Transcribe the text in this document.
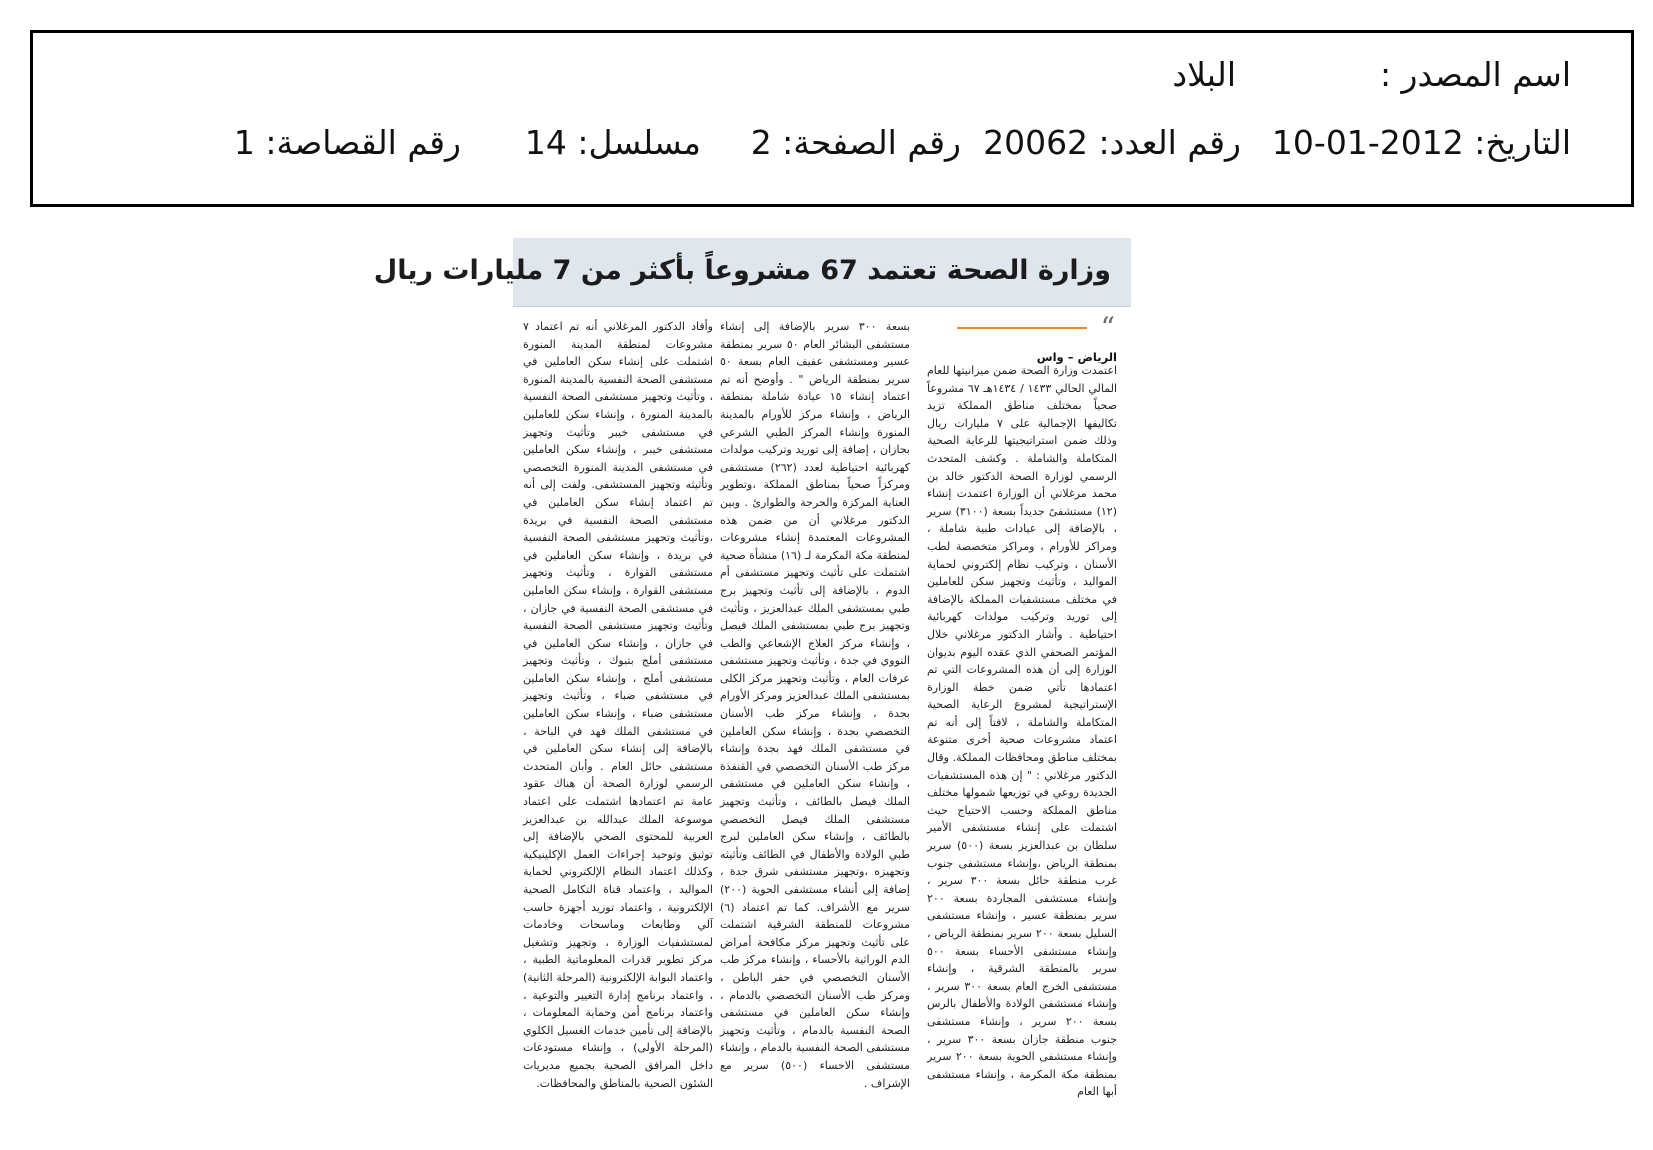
اسم المصدر :
البلاد
التاريخ: 2012-01-10
رقم العدد: 20062
رقم الصفحة: 2
مسلسل: 14
رقم القصاصة: 1
وزارة الصحة تعتمد 67 مشروعاً بأكثر من 7 مليارات ريال
“
الرياض – واس

اعتمدت وزارة الصحة ضمن ميزانيتها للعام المالي الحالي ١٤٣٣ / ١٤٣٤هـ ٦٧ مشروعاً صحياً بمختلف مناطق المملكة تزيد تكاليفها الإجمالية على ٧ مليارات ريال وذلك ضمن استراتيجيتها للرعاية الصحية المتكاملة والشاملة . وكشف المتحدث الرسمي لوزارة الصحة الدكتور خالد بن محمد مرغلاني أن الوزارة اعتمدت إنشاء (١٢) مستشفىً جديداً بسعة (٣١٠٠) سرير ، بالإضافة إلى عيادات طبية شاملة ، ومراكز للأورام ، ومراكز متخصصة لطب الأسنان ، وتركيب نظام إلكتروني لحماية المواليد ، وتأثيث وتجهيز سكن للعاملين في مختلف مستشفيات المملكة بالإضافة إلى توريد وتركيب مولدات كهربائية احتياطية . وأشار الدكتور مرغلاني خلال المؤتمر الصحفي الذي عقده اليوم بديوان الوزارة إلى أن هذه المشروعات التي تم اعتمادها تأتي ضمن خطة الوزارة الإستراتيجية لمشروع الرعاية الصحية المتكاملة والشاملة ، لافتاً إلى أنه تم اعتماد مشروعات صحية أخرى متنوعة بمختلف مناطق ومحافظات المملكة. وقال الدكتور مرغلاني : " إن هذه المستشفيات الجديدة روعي في توزيعها شمولها مختلف مناطق المملكة وحسب الاحتياج حيث اشتملت على إنشاء مستشفى الأمير سلطان بن عبدالعزيز بسعة (٥٠٠) سرير بمنطقة الرياض ،وإنشاء مستشفى جنوب غرب منطقة حائل بسعة ٣٠٠ سرير ، وإنشاء مستشفى المجاردة بسعة ٢٠٠ سرير بمنطقة عسير ، وإنشاء مستشفى السليل بسعة ٢٠٠ سرير بمنطقة الرياض ، وإنشاء مستشفى الأحساء بسعة ٥٠٠ سرير بالمنطقة الشرقية ، وإنشاء مستشفى الخرج العام بسعة ٣٠٠ سرير ، وإنشاء مستشفى الولادة والأطفال بالرس بسعة ٢٠٠ سرير ، وإنشاء مستشفى جنوب منطقة جازان بسعة ٣٠٠ سرير ، وإنشاء مستشفى الحوية بسعة ٢٠٠ سرير بمنطقة مكة المكرمة ، وإنشاء مستشفى أبها العام

بسعة ٣٠٠ سرير بالإضافة إلى إنشاء مستشفى البشائر العام ٥٠ سرير بمنطقة عسير ومستشفى عفيف العام بسعة ٥٠ سرير بمنطقة الرياض " . وأوضح أنه تم اعتماد إنشاء ١٥ عيادة شاملة بمنطقة الرياض ، وإنشاء مركز للأورام بالمدينة المنورة وإنشاء المركز الطبي الشرعي بجازان ، إضافة إلى توريد وتركيب مولدات كهربائية احتياطية لعدد (٢٦٢) مستشفى ومركزاً صحياً بمناطق المملكة ،وتطوير العناية المركزة والحرجة والطوارئ . وبين الدكتور مرغلاني أن من ضمن هذه المشروعات المعتمدة إنشاء مشروعات لمنطقة مكة المكرمة لـ (١٦) منشأة صحية اشتملت على تأثيث وتجهيز مستشفى أم الدوم ، بالإضافة إلى تأثيث وتجهيز برج طبي بمستشفى الملك عبدالعزيز ، وتأثيث وتجهيز برج طبي بمستشفى الملك فيصل ، وإنشاء مركز العلاج الإشعاعي والطب النووي في جدة ، وتأثيث وتجهيز مستشفى عرفات العام ، وتأثيث وتجهيز مركز الكلى بمستشفى الملك عبدالعزيز ومركز الأورام بجدة ، وإنشاء مركز طب الأسنان التخصصي بجدة ، وإنشاء سكن العاملين في مستشفى الملك فهد بجدة وإنشاء مركز طب الأسنان التخصصي في القنفذة ، وإنشاء سكن العاملين في مستشفى الملك فيصل بالطائف ، وتأثيث وتجهيز مستشفى الملك فيصل التخصصي بالطائف ، وإنشاء سكن العاملين لبرج طبي الولادة والأطفال في الطائف وتأثيثه وتجهيزه ،وتجهيز مستشفى شرق جدة ، إضافة إلى أنشاء مستشفى الحوية (٢٠٠) سرير مع الأشراف. كما تم اعتماد (٦) مشروعات للمنطقة الشرقية اشتملت على تأثيث وتجهيز مركز مكافحة أمراض الدم الوراثية بالأحساء ، وإنشاء مركز طب الأسنان التخصصي في حفر الباطن ، ومركز طب الأسنان التخصصي بالدمام ، وإنشاء سكن العاملين في مستشفى الصحة النفسية بالدمام ، وتأثيث وتجهيز مستشفى الصحة النفسية بالدمام ، وإنشاء مستشفى الاحساء (٥٠٠) سرير مع الإشراف .

وأفاد الدكتور المرغلاني أنه تم اعتماد ٧ مشروعات لمنطقة المدينة المنورة اشتملت على إنشاء سكن العاملين في مستشفى الصحة النفسية بالمدينة المنورة ، وتأثيث وتجهيز مستشفى الصحة النفسية بالمدينة المنورة ، وإنشاء سكن للعاملين في مستشفى خيبر وتأثيث وتجهيز مستشفى خيبر ، وإنشاء سكن العاملين في مستشفى المدينة المنورة التخصصي وتأثيثه وتجهيز المستشفى. ولفت إلى أنه تم اعتماد إنشاء سكن العاملين في مستشفى الصحة النفسية في بريدة ،وتأثيث وتجهيز مستشفى الصحة النفسية في بريدة ، وإنشاء سكن العاملين في مستشفى القوارة ، وتأثيث وتجهيز مستشفى القوارة ، وإنشاء سكن العاملين في مستشفى الصحة النفسية في جازان ، وتأثيث وتجهيز مستشفى الصحة النفسية في جازان ، وإنشاء سكن العاملين في مستشفى أملج بتبوك ، وتأثيث وتجهيز مستشفى أملج ، وإنشاء سكن العاملين في مستشفى ضباء ، وتأثيث وتجهيز مستشفى ضباء ، وإنشاء سكن العاملين في مستشفى الملك فهد في الباحة ، بالإضافة إلى إنشاء سكن العاملين في مستشفى حائل العام . وأبان المتحدث الرسمي لوزارة الصحة أن هناك عقود عامة تم اعتمادها اشتملت على اعتماد موسوعة الملك عبدالله بن عبدالعزيز العربية للمحتوى الصحي بالإضافة إلى توثيق وتوحيد إجراءات العمل الإكلينيكية وكذلك اعتماد النظام الإلكتروني لحماية المواليد ، واعتماد قناة التكامل الصحية الإلكترونية ، واعتماد توريد أجهزة حاسب آلي وطابعات وماسحات وخادمات لمستشفيات الوزارة ، وتجهيز وتشغيل مركز تطوير قدرات المعلوماتية الطبية ، واعتماد البوابة الإلكترونية (المرحلة الثانية) ، واعتماد برنامج إدارة التغيير والتوعية ، واعتماد برنامج أمن وحماية المعلومات ، بالإضافة إلى تأمين خدمات الغسيل الكلوي (المرحلة الأولى) ، وإنشاء مستودعات داخل المرافق الصحية بجميع مديريات الشئون الصحية بالمناطق والمحافظات.
